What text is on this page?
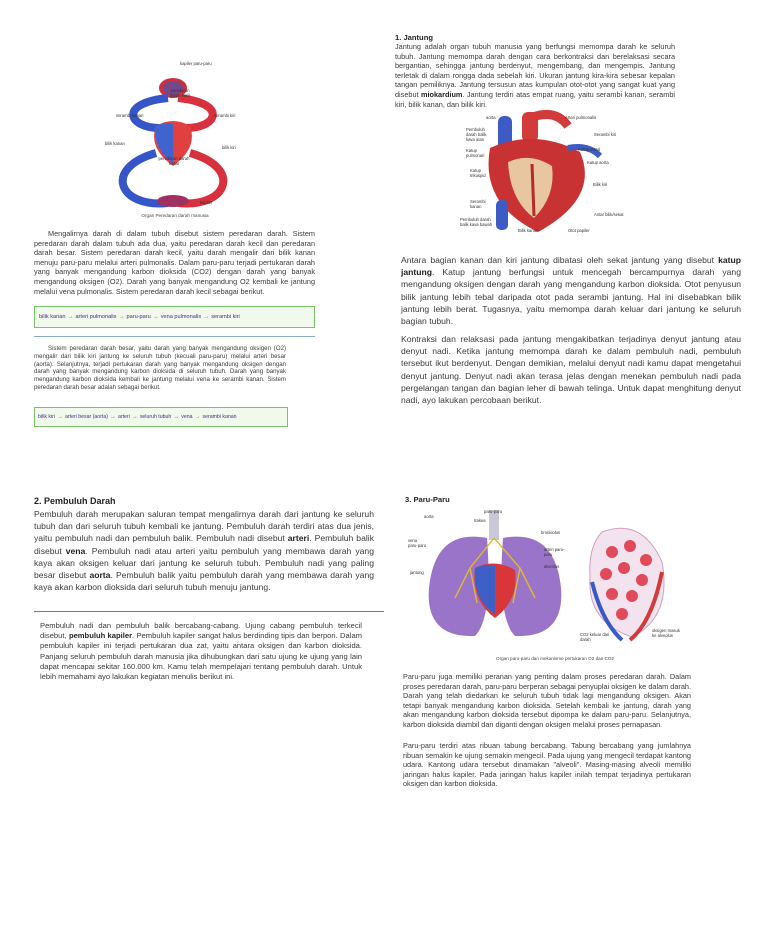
kapiler paru-paru
peredaran darah kecil
serambi kanan	serambi kiri
bilik kanan
bilik kiri
peredaran darah besar
kapiler
Organ Peredaran darah manusia

Mengalirnya darah di dalam tubuh disebut sistem peredaran darah. Sistem peredaran darah dalam tubuh ada dua, yaitu peredaran darah kecil dan peredaran darah besar. Sistem peredaran darah kecil, yaitu darah mengalir dari bilik kanan menuju paru-paru melalui arteri pulmonalis. Dalam paru-paru terjadi pertukaran darah yang banyak mengandung karbon dioksida (CO2) dengan darah yang banyak mengandung oksigen (O2). Darah yang banyak mengandung O2 kembali ke jantung melalui vena pulmonalis. Sistem peredaran darah kecil sebagai berikut.

bilik kanan → arteri pulmonalis → paru-paru → vena pulmonalis → serambi kiri

Sistem peredaran darah besar, yaitu darah yang banyak mengandung oksigen (O2) mengalir dari bilik kiri jantung ke seluruh tubuh (kecuali paru-paru) melalui arteri besar (aorta). Selanjutnya, terjadi pertukaran darah yang banyak mengandung oksigen dengan darah yang banyak mengandung karbon dioksida di seluruh tubuh. Darah yang banyak mengandung karbon dioksida kembali ke jantung melalui vena ke serambi kanan. Sistem peredaran darah besar adalah sebagai berikut.

bilik kiri → arteri besar (aorta) → arteri → seluruh tubuh → vena → serambi kanan

1. Jantung

Jantung adalah organ tubuh manusia yang berfungsi memompa darah ke seluruh tubuh. Jantung memompa darah dengan cara berkontraksi dan berelaksasi secara bergantian, sehingga jantung berdenyut, mengembang, dan mengempis. Jantung terletak di dalam rongga dada sebelah kiri. Ukuran jantung kira-kira sebesar kepalan tangan pemiliknya. Jantung tersusun atas kumpulan otot-otot yang sangat kuat yang disebut miokardium. Jantung terdiri atas empat ruang, yaitu serambi kanan, serambi kiri, bilik kanan, dan bilik kiri.

aorta	Arteri pulmonalis
Pembuluh darah balik kava atas
Serambi kiri
Katup mitral
Katup pulmonari
Katup aorta
Katup trikuspid
Bilik kiri
Serambi kanan
Antar bilik/sekat
Pembuluh darah balik kava bawah
Bilik kanan	Otot papiler

Antara bagian kanan dan kiri jantung dibatasi oleh sekat jantung yang disebut katup jantung. Katup jantung berfungsi untuk mencegah bercampurnya darah yang mengandung oksigen dengan darah yang mengandung karbon dioksida. Otot penyusun bilik jantung lebih tebal daripada otot pada serambi jantung. Hal ini disebabkan bilik jantung lebih berat. Tugasnya, yaitu memompa darah keluar dari jantung ke seluruh bagian tubuh.

Kontraksi dan relaksasi pada jantung mengakibatkan terjadinya denyut jantung atau denyut nadi. Ketika jantung memompa darah ke dalam pembuluh nadi, pembuluh tersebut ikut berdenyut. Dengan demikian, melalui denyut nadi kamu dapat mengetahui denyut jantung. Denyut nadi akan terasa jelas dengan menekan pembuluh nadi pada pergelangan tangan dan bagian leher di bawah telinga. Untuk dapat menghitung denyut nadi, ayo lakukan percobaan berikut.

2. Pembuluh Darah

Pembuluh darah merupakan saluran tempat mengalirnya darah dari jantung ke seluruh tubuh dan dari seluruh tubuh kembali ke jantung. Pembuluh darah terdiri atas dua jenis, yaitu pembuluh nadi dan pembuluh balik. Pembuluh nadi disebut arteri. Pembuluh balik disebut vena. Pembuluh nadi atau arteri yaitu pembuluh yang membawa darah yang kaya akan oksigen keluar dari jantung ke seluruh tubuh. Pembuluh nadi yang paling besar disebut aorta. Pembuluh balik yaitu pembuluh darah yang membawa darah yang kaya akan karbon dioksida dari seluruh tubuh menuju jantung.

Pembuluh nadi dan pembuluh balik bercabang-cabang. Ujung cabang pembuluh terkecil disebut, pembuluh kapiler. Pembuluh kapiler sangat halus berdinding tipis dan berpori. Dalam pembuluh kapiler ini terjadi pertukaran dua zat, yaitu antara oksigen dan karbon dioksida. Panjang seluruh pembuluh darah manusia jika dihubungkan dari satu ujung ke ujung yang lain dapat mencapai sekitar 160.000 km. Kamu telah mempelajari tentang pembuluh darah. Untuk lebih memahami ayo lakukan kegiatan menulis berikut ini.

3. Paru-Paru

aorta
paru-paru
trakea
bronkiolus
vena paru-paru
arteri paru-paru
alveolus
jantung
CO2 keluar dari darah
oksigen masuk ke alveolus
Organ paru-paru dan mekanisme pertukaran O2 dan CO2

Paru-paru juga memiliki peranan yang penting dalam proses peredaran darah. Dalam proses peredaran darah, paru-paru berperan sebagai penyuplai oksigen ke dalam darah. Darah yang telah diedarkan ke seluruh tubuh tidak lagi mengandung oksigen. Akan tetapi banyak mengandung karbon dioksida. Setelah kembali ke jantung, darah yang akan mengandung karbon dioksida tersebut dipompa ke dalam paru-paru. Selanjutnya, karbon dioksida diambil dan diganti dengan oksigen melalui proses pernapasan.

Paru-paru terdiri atas ribuan tabung bercabang. Tabung bercabang yang jumlahnya ribuan semakin ke ujung semakin mengecil. Pada ujung yang mengecil terdapat kantong udara. Kantong udara tersebut dinamakan "alveoli". Masing-masing alveoli memiliki jaringan halus kapiler. Pada jaringan halus kapiler inilah tempat terjadinya pertukaran oksigen dan karbon dioksida.
